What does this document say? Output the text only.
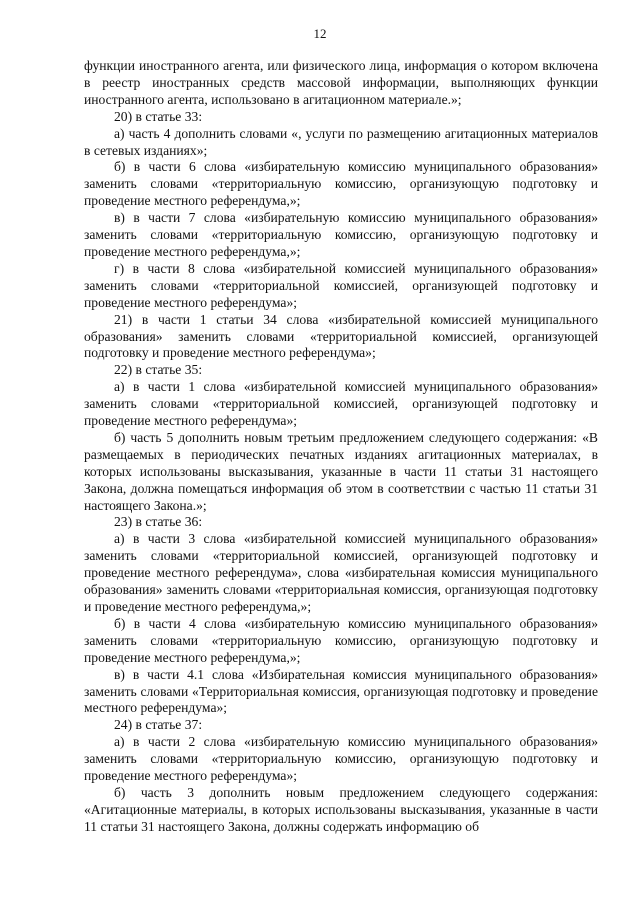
12

функции иностранного агента, или физического лица, информация о котором включена в реестр иностранных средств массовой информации, выполняющих функции иностранного агента, использовано в агитационном материале.»;

20) в статье 33:

а) часть 4 дополнить словами «, услуги по размещению агитационных материалов в сетевых изданиях»;

б) в части 6 слова «избирательную комиссию муниципального образования» заменить словами «территориальную комиссию, организующую подготовку и проведение местного референдума,»;

в) в части 7 слова «избирательную комиссию муниципального образования» заменить словами «территориальную комиссию, организующую подготовку и проведение местного референдума,»;

г) в части 8 слова «избирательной комиссией муниципального образования» заменить словами «территориальной комиссией, организующей подготовку и проведение местного референдума»;

21) в части 1 статьи 34 слова «избирательной комиссией муниципального образования» заменить словами «территориальной комиссией, организующей подготовку и проведение местного референдума»;

22) в статье 35:

а) в части 1 слова «избирательной комиссией муниципального образования» заменить словами «территориальной комиссией, организующей подготовку и проведение местного референдума»;

б) часть 5 дополнить новым третьим предложением следующего содержания: «В размещаемых в периодических печатных изданиях агитационных материалах, в которых использованы высказывания, указанные в части 11 статьи 31 настоящего Закона, должна помещаться информация об этом в соответствии с частью 11 статьи 31 настоящего Закона.»;

23) в статье 36:

а) в части 3 слова «избирательной комиссией муниципального образования» заменить словами «территориальной комиссией, организующей подготовку и проведение местного референдума», слова «избирательная комиссия муниципального образования» заменить словами «территориальная комиссия, организующая подготовку и проведение местного референдума,»;

б) в части 4 слова «избирательную комиссию муниципального образования» заменить словами «территориальную комиссию, организующую подготовку и проведение местного референдума,»;

в) в части 4.1 слова «Избирательная комиссия муниципального образования» заменить словами «Территориальная комиссия, организующая подготовку и проведение местного референдума»;

24) в статье 37:

а) в части 2 слова «избирательную комиссию муниципального образования» заменить словами «территориальную комиссию, организующую подготовку и проведение местного референдума»;

б) часть 3 дополнить новым предложением следующего содержания: «Агитационные материалы, в которых использованы высказывания, указанные в части 11 статьи 31 настоящего Закона, должны содержать информацию об
